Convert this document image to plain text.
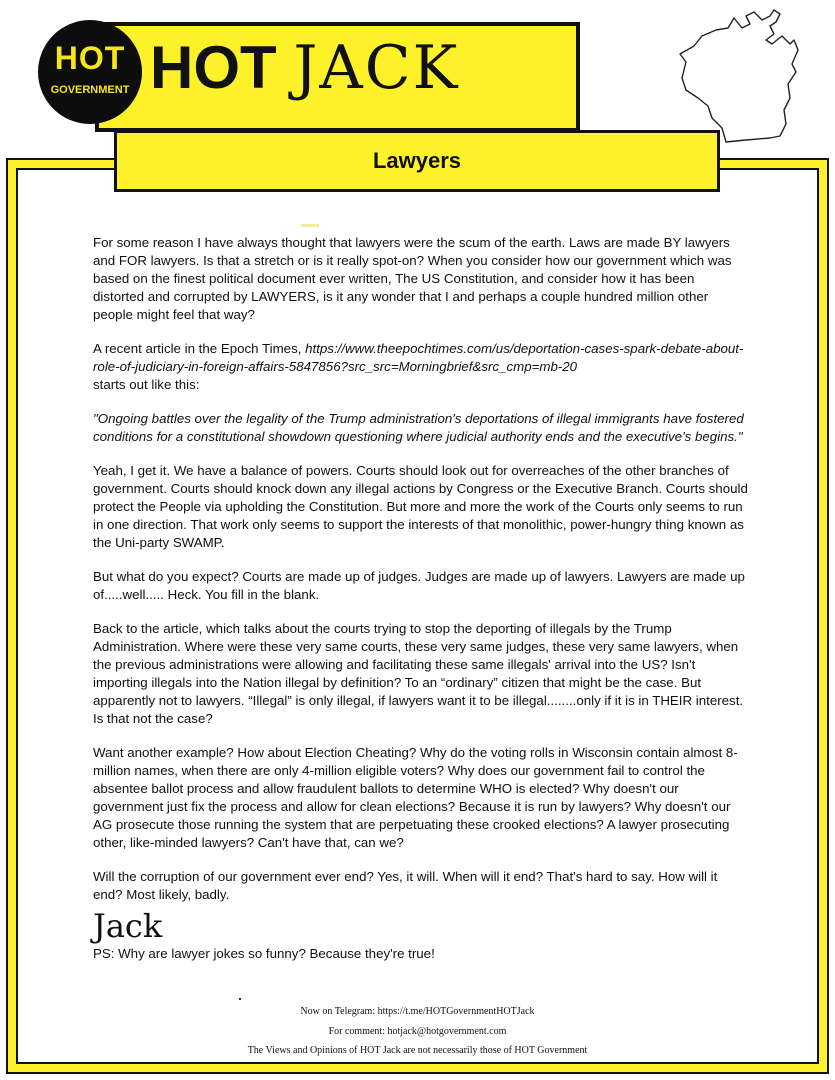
HOT JACK
HOT
GOVERNMENT
Lawyers

For some reason I have always thought that lawyers were the scum of the earth. Laws are made BY lawyers and FOR lawyers. Is that a stretch or is it really spot-on? When you consider how our government which was based on the finest political document ever written, The US Constitution, and consider how it has been distorted and corrupted by LAWYERS, is it any wonder that I and perhaps a couple hundred million other people might feel that way?

A recent article in the Epoch Times, https://www.theepochtimes.com/us/deportation-cases-spark-debate-about-role-of-judiciary-in-foreign-affairs-5847856?src_src=Morningbrief&src_cmp=mb-20
starts out like this:

"Ongoing battles over the legality of the Trump administration's deportations of illegal immigrants have fostered conditions for a constitutional showdown questioning where judicial authority ends and the executive's begins."

Yeah, I get it. We have a balance of powers. Courts should look out for overreaches of the other branches of government. Courts should knock down any illegal actions by Congress or the Executive Branch. Courts should protect the People via upholding the Constitution. But more and more the work of the Courts only seems to run in one direction. That work only seems to support the interests of that monolithic, power-hungry thing known as the Uni-party SWAMP.

But what do you expect? Courts are made up of judges. Judges are made up of lawyers. Lawyers are made up of.....well..... Heck. You fill in the blank.

Back to the article, which talks about the courts trying to stop the deporting of illegals by the Trump Administration. Where were these very same courts, these very same judges, these very same lawyers, when the previous administrations were allowing and facilitating these same illegals' arrival into the US? Isn't importing illegals into the Nation illegal by definition? To an “ordinary” citizen that might be the case. But apparently not to lawyers. “Illegal” is only illegal, if lawyers want it to be illegal........only if it is in THEIR interest. Is that not the case?

Want another example? How about Election Cheating? Why do the voting rolls in Wisconsin contain almost 8-million names, when there are only 4-million eligible voters? Why does our government fail to control the absentee ballot process and allow fraudulent ballots to determine WHO is elected? Why doesn't our government just fix the process and allow for clean elections? Because it is run by lawyers? Why doesn't our AG prosecute those running the system that are perpetuating these crooked elections? A lawyer prosecuting other, like-minded lawyers? Can't have that, can we?

Will the corruption of our government ever end? Yes, it will. When will it end? That's hard to say. How will it end? Most likely, badly.

Jack
PS: Why are lawyer jokes so funny? Because they're true!
Now on Telegram: https://t.me/HOTGovernmentHOTJack
For comment: hotjack@hotgovernment.com
The Views and Opinions of HOT Jack are not necessarily those of HOT Government
